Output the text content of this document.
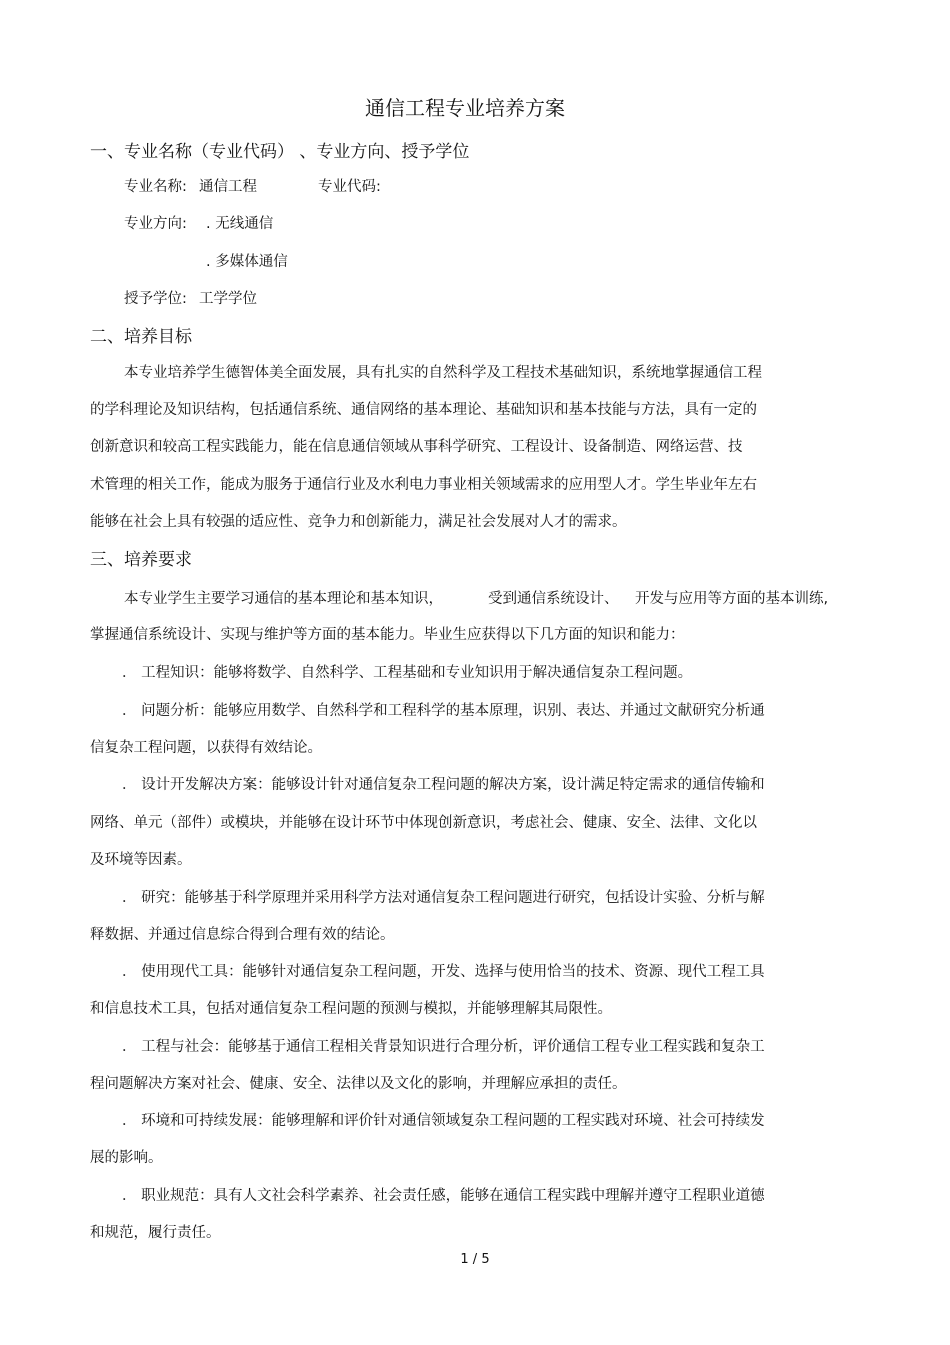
通信工程专业培养方案
一、专业名称（专业代码） 、专业方向、授予学位
专业名称: 通信工程	专业代码:
专业方向: . 无线通信
. 多媒体通信
授予学位: 工学学位
二、培养目标
本专业培养学生德智体美全面发展，具有扎实的自然科学及工程技术基础知识，系统地掌握通信工程
的学科理论及知识结构，包括通信系统、通信网络的基本理论、基础知识和基本技能与方法，具有一定的
创新意识和较高工程实践能力，能在信息通信领域从事科学研究、工程设计、设备制造、网络运营、技
术管理的相关工作，能成为服务于通信行业及水利电力事业相关领域需求的应用型人才。学生毕业年左右
能够在社会上具有较强的适应性、竞争力和创新能力，满足社会发展对人才的需求。
三、培养要求
本专业学生主要学习通信的基本理论和基本知识，	受到通信系统设计、 开发与应用等方面的基本训练,
掌握通信系统设计、实现与维护等方面的基本能力。毕业生应获得以下几方面的知识和能力：
． 工程知识：能够将数学、自然科学、工程基础和专业知识用于解决通信复杂工程问题。
． 问题分析：能够应用数学、自然科学和工程科学的基本原理，识别、表达、并通过文献研究分析通
信复杂工程问题，以获得有效结论。
． 设计开发解决方案：能够设计针对通信复杂工程问题的解决方案，设计满足特定需求的通信传输和
网络、单元（部件）或模块，并能够在设计环节中体现创新意识，考虑社会、健康、安全、法律、文化以
及环境等因素。
． 研究：能够基于科学原理并采用科学方法对通信复杂工程问题进行研究，包括设计实验、分析与解
释数据、并通过信息综合得到合理有效的结论。
． 使用现代工具：能够针对通信复杂工程问题，开发、选择与使用恰当的技术、资源、现代工程工具
和信息技术工具，包括对通信复杂工程问题的预测与模拟，并能够理解其局限性。
． 工程与社会：能够基于通信工程相关背景知识进行合理分析，评价通信工程专业工程实践和复杂工
程问题解决方案对社会、健康、安全、法律以及文化的影响，并理解应承担的责任。
． 环境和可持续发展：能够理解和评价针对通信领域复杂工程问题的工程实践对环境、社会可持续发
展的影响。
． 职业规范：具有人文社会科学素养、社会责任感，能够在通信工程实践中理解并遵守工程职业道德
和规范，履行责任。
1 / 5
